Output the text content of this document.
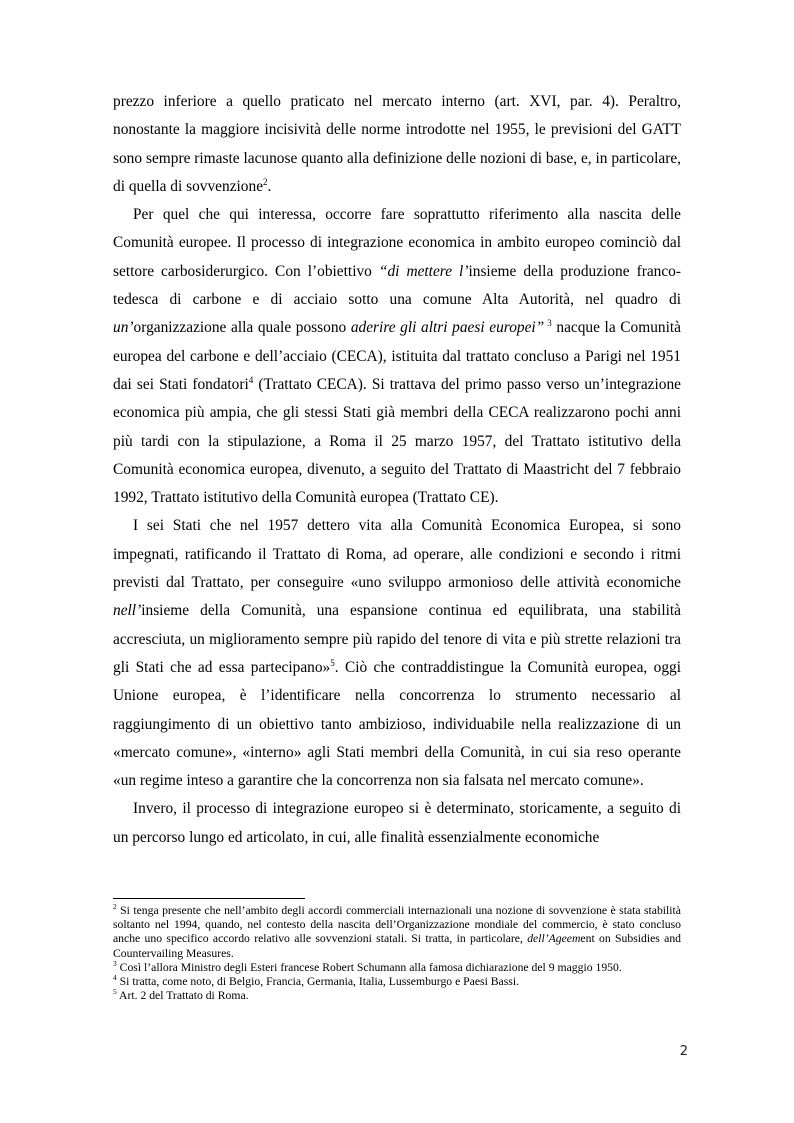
prezzo inferiore a quello praticato nel mercato interno (art. XVI, par. 4). Peraltro, nonostante la maggiore incisività delle norme introdotte nel 1955, le previsioni del GATT sono sempre rimaste lacunose quanto alla definizione delle nozioni di base, e, in particolare, di quella di sovvenzione$^2$.

Per quel che qui interessa, occorre fare soprattutto riferimento alla nascita delle Comunità europee. Il processo di integrazione economica in ambito europeo cominciò dal settore carbosiderurgico. Con l’obiettivo “di mettere l’insieme della produzione franco-tedesca di carbone e di acciaio sotto una comune Alta Autorità, nel quadro di un’organizzazione alla quale possono aderire gli altri paesi europei” $^3$ nacque la Comunità europea del carbone e dell’acciaio (CECA), istituita dal trattato concluso a Parigi nel 1951 dai sei Stati fondatori$^4$ (Trattato CECA). Si trattava del primo passo verso un’integrazione economica più ampia, che gli stessi Stati già membri della CECA realizzarono pochi anni più tardi con la stipulazione, a Roma il 25 marzo 1957, del Trattato istitutivo della Comunità economica europea, divenuto, a seguito del Trattato di Maastricht del 7 febbraio 1992, Trattato istitutivo della Comunità europea (Trattato CE).

I sei Stati che nel 1957 dettero vita alla Comunità Economica Europea, si sono impegnati, ratificando il Trattato di Roma, ad operare, alle condizioni e secondo i ritmi previsti dal Trattato, per conseguire «uno sviluppo armonioso delle attività economiche nell’insieme della Comunità, una espansione continua ed equilibrata, una stabilità accresciuta, un miglioramento sempre più rapido del tenore di vita e più strette relazioni tra gli Stati che ad essa partecipano»$^5$. Ciò che contraddistingue la Comunità europea, oggi Unione europea, è l’identificare nella concorrenza lo strumento necessario al raggiungimento di un obiettivo tanto ambizioso, individuabile nella realizzazione di un «mercato comune», «interno» agli Stati membri della Comunità, in cui sia reso operante «un regime inteso a garantire che la concorrenza non sia falsata nel mercato comune».

Invero, il processo di integrazione europeo si è determinato, storicamente, a seguito di un percorso lungo ed articolato, in cui, alle finalità essenzialmente economiche

$^2$ Si tenga presente che nell’ambito degli accordi commerciali internazionali una nozione di sovvenzione è stata stabilità soltanto nel 1994, quando, nel contesto della nascita dell’Organizzazione mondiale del commercio, è stato concluso anche uno specifico accordo relativo alle sovvenzioni statali. Si tratta, in particolare, dell’Ageement on Subsidies and Countervailing Measures.

$^3$ Così l’allora Ministro degli Esteri francese Robert Schumann alla famosa dichiarazione del 9 maggio 1950.

$^4$ Si tratta, come noto, di Belgio, Francia, Germania, Italia, Lussemburgo e Paesi Bassi.

$^5$ Art. 2 del Trattato di Roma.

2
